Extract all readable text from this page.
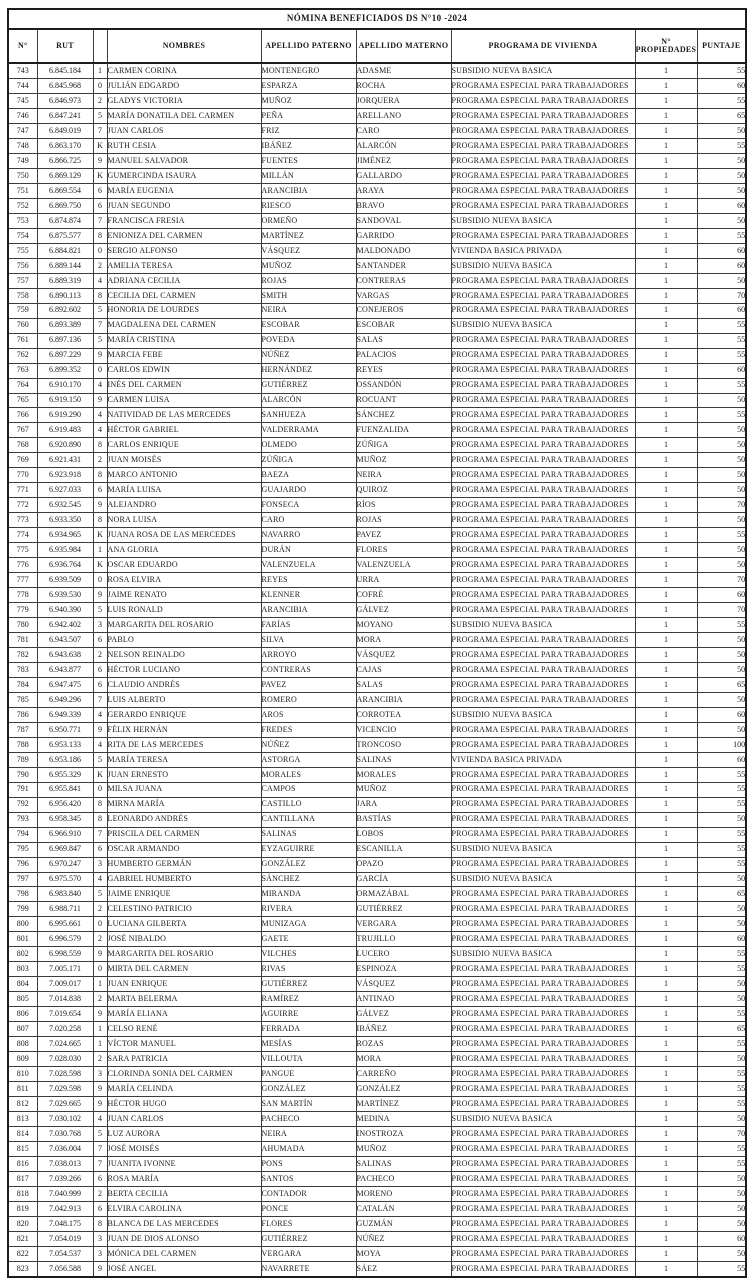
NÓMINA BENEFICIADOS DS N°10 -2024								
N°	RUT		NOMBRES	APELLIDO PATERNO	APELLIDO MATERNO	PROGRAMA DE VIVIENDA	N° PROPIEDADES	PUNTAJE
743	6.845.184	1	CARMEN CORINA	MONTENEGRO	ADASME	SUBSIDIO NUEVA BASICA	1	55
744	6.845.968	0	JULIÁN EDGARDO	ESPARZA	ROCHA	PROGRAMA ESPECIAL PARA TRABAJADORES	1	60
745	6.846.973	2	GLADYS VICTORIA	MUÑOZ	JORQUERA	PROGRAMA ESPECIAL PARA TRABAJADORES	1	55
746	6.847.241	5	MARÍA DONATILA DEL CARMEN	PEÑA	ARELLANO	PROGRAMA ESPECIAL PARA TRABAJADORES	1	65
747	6.849.019	7	JUAN CARLOS	FRIZ	CARO	PROGRAMA ESPECIAL PARA TRABAJADORES	1	50
748	6.863.170	K	RUTH CESIA	IBÁÑEZ	ALARCÓN	PROGRAMA ESPECIAL PARA TRABAJADORES	1	55
749	6.866.725	9	MANUEL SALVADOR	FUENTES	JIMÉNEZ	PROGRAMA ESPECIAL PARA TRABAJADORES	1	50
750	6.869.129	K	GUMERCINDA ISAURA	MILLÁN	GALLARDO	PROGRAMA ESPECIAL PARA TRABAJADORES	1	50
751	6.869.554	6	MARÍA EUGENIA	ARANCIBIA	ARAYA	PROGRAMA ESPECIAL PARA TRABAJADORES	1	50
752	6.869.750	6	JUAN SEGUNDO	RIESCO	BRAVO	PROGRAMA ESPECIAL PARA TRABAJADORES	1	60
753	6.874.874	7	FRANCISCA FRESIA	ORMEÑO	SANDOVAL	SUBSIDIO NUEVA BASICA	1	50
754	6.875.577	8	ENIONIZA DEL CARMEN	MARTÍNEZ	GARRIDO	PROGRAMA ESPECIAL PARA TRABAJADORES	1	55
755	6.884.821	0	SERGIO ALFONSO	VÁSQUEZ	MALDONADO	VIVIENDA BASICA PRIVADA	1	60
756	6.889.144	2	AMELIA TERESA	MUÑOZ	SANTANDER	SUBSIDIO NUEVA BASICA	1	60
757	6.889.319	4	ADRIANA CECILIA	ROJAS	CONTRERAS	PROGRAMA ESPECIAL PARA TRABAJADORES	1	50
758	6.890.113	8	CECILIA DEL CARMEN	SMITH	VARGAS	PROGRAMA ESPECIAL PARA TRABAJADORES	1	70
759	6.892.602	5	HONORIA DE LOURDES	NEIRA	CONEJEROS	PROGRAMA ESPECIAL PARA TRABAJADORES	1	60
760	6.893.389	7	MAGDALENA DEL CARMEN	ESCOBAR	ESCOBAR	SUBSIDIO NUEVA BASICA	1	55
761	6.897.136	5	MARÍA CRISTINA	POVEDA	SALAS	PROGRAMA ESPECIAL PARA TRABAJADORES	1	55
762	6.897.229	9	MARCIA FEBE	NÚÑEZ	PALACIOS	PROGRAMA ESPECIAL PARA TRABAJADORES	1	55
763	6.899.352	0	CARLOS EDWIN	HERNÁNDEZ	REYES	PROGRAMA ESPECIAL PARA TRABAJADORES	1	60
764	6.910.170	4	INÉS DEL CARMEN	GUTIÉRREZ	OSSANDÓN	PROGRAMA ESPECIAL PARA TRABAJADORES	1	55
765	6.919.150	9	CARMEN LUISA	ALARCÓN	ROCUANT	PROGRAMA ESPECIAL PARA TRABAJADORES	1	50
766	6.919.290	4	NATIVIDAD DE LAS MERCEDES	SANHUEZA	SÁNCHEZ	PROGRAMA ESPECIAL PARA TRABAJADORES	1	55
767	6.919.483	4	HÉCTOR GABRIEL	VALDERRAMA	FUENZALIDA	PROGRAMA ESPECIAL PARA TRABAJADORES	1	50
768	6.920.890	8	CARLOS ENRIQUE	OLMEDO	ZÚÑIGA	PROGRAMA ESPECIAL PARA TRABAJADORES	1	50
769	6.921.431	2	JUAN MOISÉS	ZÚÑIGA	MUÑOZ	PROGRAMA ESPECIAL PARA TRABAJADORES	1	50
770	6.923.918	8	MARCO ANTONIO	BAEZA	NEIRA	PROGRAMA ESPECIAL PARA TRABAJADORES	1	50
771	6.927.033	6	MARÍA LUISA	GUAJARDO	QUIROZ	PROGRAMA ESPECIAL PARA TRABAJADORES	1	50
772	6.932.545	9	ALEJANDRO	FONSECA	RÍOS	PROGRAMA ESPECIAL PARA TRABAJADORES	1	70
773	6.933.350	8	NORA LUISA	CARO	ROJAS	PROGRAMA ESPECIAL PARA TRABAJADORES	1	50
774	6.934.965	K	JUANA ROSA DE LAS MERCEDES	NAVARRO	PAVEZ	PROGRAMA ESPECIAL PARA TRABAJADORES	1	55
775	6.935.984	1	ANA GLORIA	DURÁN	FLORES	PROGRAMA ESPECIAL PARA TRABAJADORES	1	50
776	6.936.764	K	OSCAR EDUARDO	VALENZUELA	VALENZUELA	PROGRAMA ESPECIAL PARA TRABAJADORES	1	50
777	6.939.509	0	ROSA ELVIRA	REYES	URRA	PROGRAMA ESPECIAL PARA TRABAJADORES	1	70
778	6.939.530	9	JAIME RENATO	KLENNER	COFRÉ	PROGRAMA ESPECIAL PARA TRABAJADORES	1	60
779	6.940.390	5	LUIS RONALD	ARANCIBIA	GÁLVEZ	PROGRAMA ESPECIAL PARA TRABAJADORES	1	70
780	6.942.402	3	MARGARITA DEL ROSARIO	FARÍAS	MOYANO	SUBSIDIO NUEVA BASICA	1	55
781	6.943.507	6	PABLO	SILVA	MORA	PROGRAMA ESPECIAL PARA TRABAJADORES	1	50
782	6.943.638	2	NELSON REINALDO	ARROYO	VÁSQUEZ	PROGRAMA ESPECIAL PARA TRABAJADORES	1	50
783	6.943.877	6	HÉCTOR LUCIANO	CONTRERAS	CAJAS	PROGRAMA ESPECIAL PARA TRABAJADORES	1	50
784	6.947.475	6	CLAUDIO ANDRÉS	PAVEZ	SALAS	PROGRAMA ESPECIAL PARA TRABAJADORES	1	65
785	6.949.296	7	LUIS ALBERTO	ROMERO	ARANCIBIA	PROGRAMA ESPECIAL PARA TRABAJADORES	1	50
786	6.949.339	4	GERARDO ENRIQUE	AROS	CORROTEA	SUBSIDIO NUEVA BASICA	1	60
787	6.950.771	9	FÉLIX HERNÁN	FREDES	VICENCIO	PROGRAMA ESPECIAL PARA TRABAJADORES	1	50
788	6.953.133	4	RITA DE LAS MERCEDES	NÚÑEZ	TRONCOSO	PROGRAMA ESPECIAL PARA TRABAJADORES	1	100
789	6.953.186	5	MARÍA TERESA	ASTORGA	SALINAS	VIVIENDA BASICA PRIVADA	1	60
790	6.955.329	K	JUAN ERNESTO	MORALES	MORALES	PROGRAMA ESPECIAL PARA TRABAJADORES	1	55
791	6.955.841	0	MILSA JUANA	CAMPOS	MUÑOZ	PROGRAMA ESPECIAL PARA TRABAJADORES	1	55
792	6.956.420	8	MIRNA MARÍA	CASTILLO	JARA	PROGRAMA ESPECIAL PARA TRABAJADORES	1	55
793	6.958.345	8	LEONARDO ANDRÉS	CANTILLANA	BASTÍAS	PROGRAMA ESPECIAL PARA TRABAJADORES	1	50
794	6.966.910	7	PRISCILA DEL CARMEN	SALINAS	LOBOS	PROGRAMA ESPECIAL PARA TRABAJADORES	1	55
795	6.969.847	6	OSCAR ARMANDO	EYZAGUIRRE	ESCANILLA	SUBSIDIO NUEVA BASICA	1	55
796	6.970.247	3	HUMBERTO GERMÁN	GONZÁLEZ	OPAZO	PROGRAMA ESPECIAL PARA TRABAJADORES	1	55
797	6.975.570	4	GABRIEL HUMBERTO	SÁNCHEZ	GARCÍA	SUBSIDIO NUEVA BASICA	1	50
798	6.983.840	5	JAIME ENRIQUE	MIRANDA	ORMAZÁBAL	PROGRAMA ESPECIAL PARA TRABAJADORES	1	65
799	6.988.711	2	CELESTINO PATRICIO	RIVERA	GUTIÉRREZ	PROGRAMA ESPECIAL PARA TRABAJADORES	1	50
800	6.995.661	0	LUCIANA GILBERTA	MUNIZAGA	VERGARA	PROGRAMA ESPECIAL PARA TRABAJADORES	1	50
801	6.996.579	2	JOSÉ NIBALDO	GAETE	TRUJILLO	PROGRAMA ESPECIAL PARA TRABAJADORES	1	60
802	6.998.559	9	MARGARITA DEL ROSARIO	VILCHES	LUCERO	SUBSIDIO NUEVA BASICA	1	55
803	7.005.171	0	MIRTA DEL CARMEN	RIVAS	ESPINOZA	PROGRAMA ESPECIAL PARA TRABAJADORES	1	55
804	7.009.017	1	JUAN ENRIQUE	GUTIÉRREZ	VÁSQUEZ	PROGRAMA ESPECIAL PARA TRABAJADORES	1	50
805	7.014.838	2	MARTA BELERMA	RAMÍREZ	ANTINAO	PROGRAMA ESPECIAL PARA TRABAJADORES	1	50
806	7.019.654	9	MARÍA ELIANA	AGUIRRE	GÁLVEZ	PROGRAMA ESPECIAL PARA TRABAJADORES	1	55
807	7.020.258	1	CELSO RENÉ	FERRADA	IBÁÑEZ	PROGRAMA ESPECIAL PARA TRABAJADORES	1	65
808	7.024.665	1	VÍCTOR MANUEL	MESÍAS	ROZAS	PROGRAMA ESPECIAL PARA TRABAJADORES	1	55
809	7.028.030	2	SARA PATRICIA	VILLOUTA	MORA	PROGRAMA ESPECIAL PARA TRABAJADORES	1	50
810	7.028.598	3	CLORINDA SONIA DEL CARMEN	PANGUE	CARREÑO	PROGRAMA ESPECIAL PARA TRABAJADORES	1	55
811	7.029.598	9	MARÍA CELINDA	GONZÁLEZ	GONZÁLEZ	PROGRAMA ESPECIAL PARA TRABAJADORES	1	55
812	7.029.665	9	HÉCTOR HUGO	SAN MARTÍN	MARTÍNEZ	PROGRAMA ESPECIAL PARA TRABAJADORES	1	55
813	7.030.102	4	JUAN CARLOS	PACHECO	MEDINA	SUBSIDIO NUEVA BASICA	1	50
814	7.030.768	5	LUZ AURORA	NEIRA	INOSTROZA	PROGRAMA ESPECIAL PARA TRABAJADORES	1	70
815	7.036.004	7	JOSÉ MOISÉS	AHUMADA	MUÑOZ	PROGRAMA ESPECIAL PARA TRABAJADORES	1	55
816	7.038.013	7	JUANITA IVONNE	PONS	SALINAS	PROGRAMA ESPECIAL PARA TRABAJADORES	1	55
817	7.039.266	6	ROSA MARÍA	SANTOS	PACHECO	PROGRAMA ESPECIAL PARA TRABAJADORES	1	50
818	7.040.999	2	BERTA CECILIA	CONTADOR	MORENO	PROGRAMA ESPECIAL PARA TRABAJADORES	1	50
819	7.042.913	6	ELVIRA CAROLINA	PONCE	CATALÁN	PROGRAMA ESPECIAL PARA TRABAJADORES	1	50
820	7.048.175	8	BLANCA DE LAS MERCEDES	FLORES	GUZMÁN	PROGRAMA ESPECIAL PARA TRABAJADORES	1	50
821	7.054.019	3	JUAN DE DIOS ALONSO	GUTIÉRREZ	NÚÑEZ	PROGRAMA ESPECIAL PARA TRABAJADORES	1	60
822	7.054.537	3	MÓNICA DEL CARMEN	VERGARA	MOYA	PROGRAMA ESPECIAL PARA TRABAJADORES	1	50
823	7.056.588	9	JOSÉ ANGEL	NAVARRETE	SÁEZ	PROGRAMA ESPECIAL PARA TRABAJADORES	1	55
